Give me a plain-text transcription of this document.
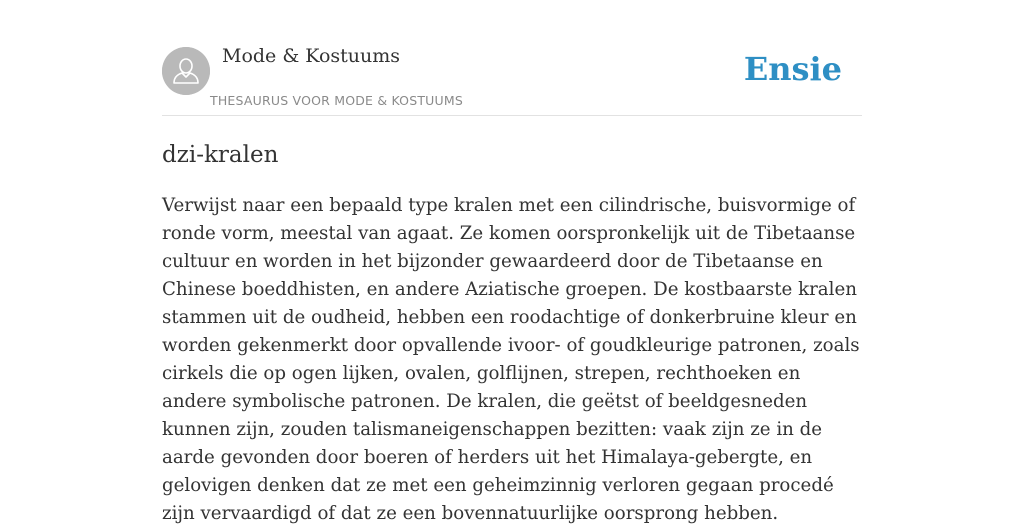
Mode & Kostuums
THESAURUS VOOR MODE & KOSTUUMS
Ensie
dzi-kralen

Verwijst naar een bepaald type kralen met een cilindrische, buisvormige of ronde vorm, meestal van agaat. Ze komen oorspronkelijk uit de Tibetaanse cultuur en worden in het bijzonder gewaardeerd door de Tibetaanse en Chinese boeddhisten, en andere Aziatische groepen. De kostbaarste kralen stammen uit de oudheid, hebben een roodachtige of donkerbruine kleur en worden gekenmerkt door opvallende ivoor- of goudkleurige patronen, zoals cirkels die op ogen lijken, ovalen, golflijnen, strepen, rechthoeken en andere symbolische patronen. De kralen, die geëtst of beeldgesneden kunnen zijn, zouden talismaneigenschappen bezitten: vaak zijn ze in de aarde gevonden door boeren of herders uit het Himalaya-gebergte, en gelovigen denken dat ze met een geheimzinnig verloren gegaan procedé zijn vervaardigd of dat ze een bovennatuurlijke oorsprong hebben.
